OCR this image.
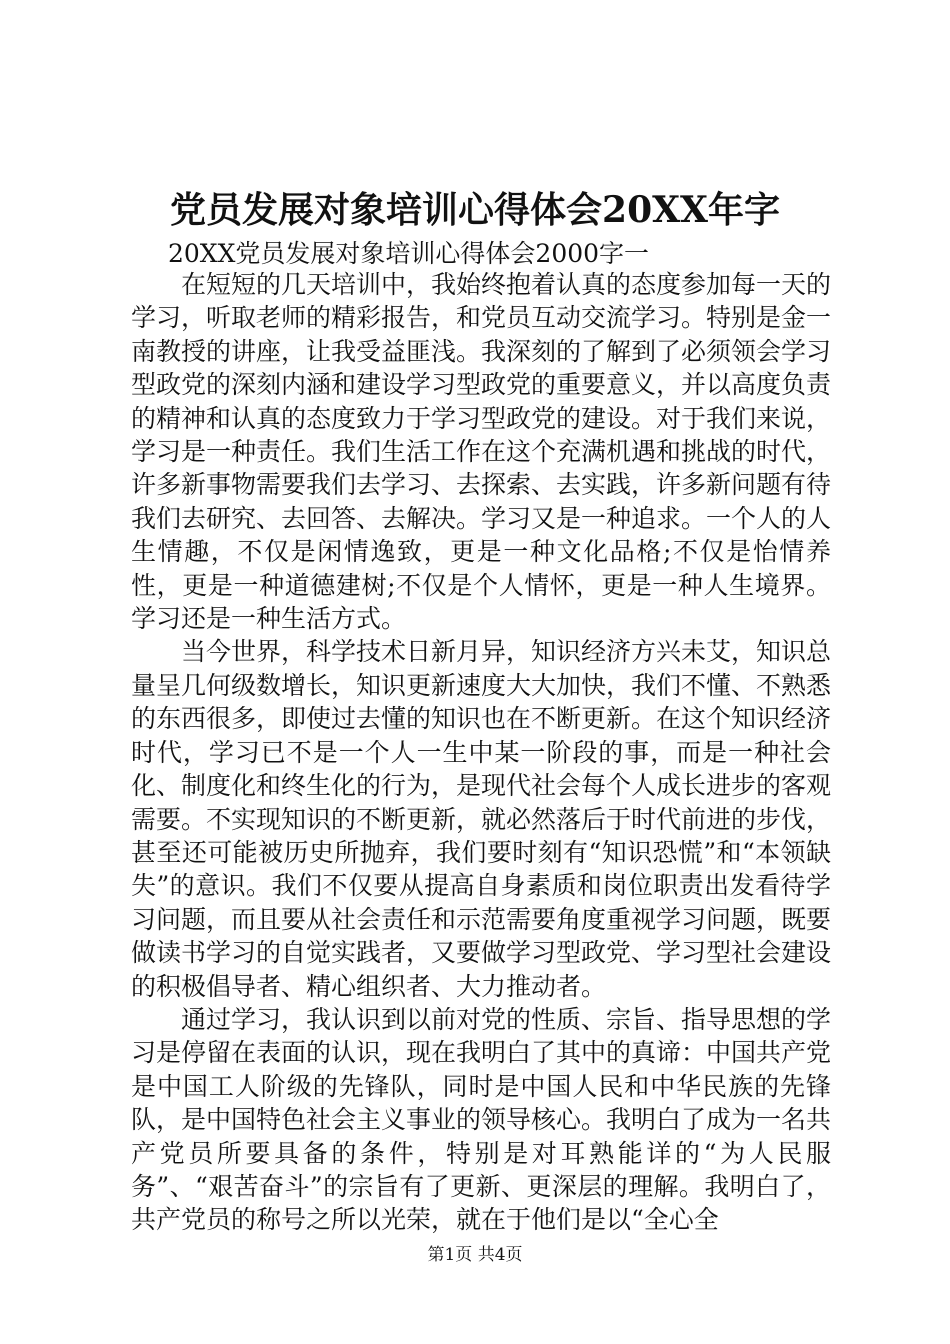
党员发展对象培训心得体会20XX年字
20XX党员发展对象培训心得体会2000字一

在短短的几天培训中，我始终抱着认真的态度参加每一天的学习，听取老师的精彩报告，和党员互动交流学习。特别是金一南教授的讲座，让我受益匪浅。我深刻的了解到了必须领会学习型政党的深刻内涵和建设学习型政党的重要意义，并以高度负责的精神和认真的态度致力于学习型政党的建设。对于我们来说，学习是一种责任。我们生活工作在这个充满机遇和挑战的时代，许多新事物需要我们去学习、去探索、去实践，许多新问题有待我们去研究、去回答、去解决。学习又是一种追求。一个人的人生情趣，不仅是闲情逸致，更是一种文化品格;不仅是怡情养性，更是一种道德建树;不仅是个人情怀，更是一种人生境界。学习还是一种生活方式。

当今世界，科学技术日新月异，知识经济方兴未艾，知识总量呈几何级数增长，知识更新速度大大加快，我们不懂、不熟悉的东西很多，即使过去懂的知识也在不断更新。在这个知识经济时代，学习已不是一个人一生中某一阶段的事，而是一种社会化、制度化和终生化的行为，是现代社会每个人成长进步的客观需要。不实现知识的不断更新，就必然落后于时代前进的步伐，甚至还可能被历史所抛弃，我们要时刻有“知识恐慌”和“本领缺失”的意识。我们不仅要从提高自身素质和岗位职责出发看待学习问题，而且要从社会责任和示范需要角度重视学习问题，既要做读书学习的自觉实践者，又要做学习型政党、学习型社会建设的积极倡导者、精心组织者、大力推动者。

通过学习，我认识到以前对党的性质、宗旨、指导思想的学习是停留在表面的认识，现在我明白了其中的真谛：中国共产党是中国工人阶级的先锋队，同时是中国人民和中华民族的先锋队，是中国特色社会主义事业的领导核心。我明白了成为一名共产党员所要具备的条件，特别是对耳熟能详的“为人民服务”、“艰苦奋斗”的宗旨有了更新、更深层的理解。我明白了，共产党员的称号之所以光荣，就在于他们是以“全心全

第1页 共4页
